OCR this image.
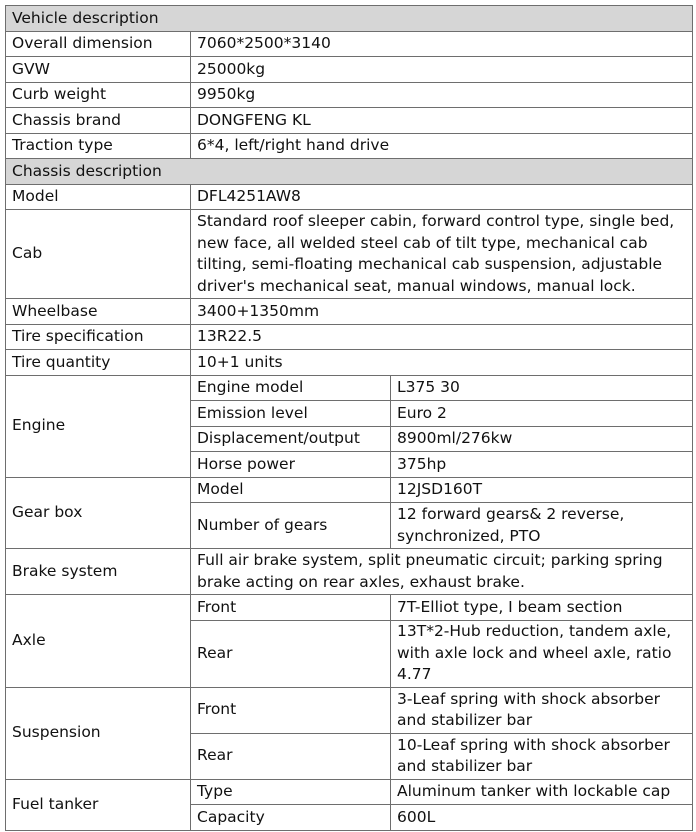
Vehicle description		
Overall dimension	7060*2500*3140	
GVW	25000kg	
Curb weight	9950kg	
Chassis brand	DONGFENG KL	
Traction type	6*4, left/right hand drive	
Chassis description		
Model	DFL4251AW8	
Cab	Standard roof sleeper cabin, forward control type, single bed, new face, all welded steel cab of tilt type, mechanical cab tilting, semi-floating mechanical cab suspension, adjustable driver's mechanical seat, manual windows, manual lock.	
Wheelbase	3400+1350mm	
Tire specification	13R22.5	
Tire quantity	10+1 units	
Engine	Engine model	L375 30
	Emission level	Euro 2
	Displacement/output	8900ml/276kw
	Horse power	375hp
Gear box	Model	12JSD160T
	Number of gears	12 forward gears& 2 reverse, synchronized, PTO
Brake system	Full air brake system, split pneumatic circuit; parking spring brake acting on rear axles, exhaust brake.	
Axle	Front	7T-Elliot type, I beam section
	Rear	13T*2-Hub reduction, tandem axle, with axle lock and wheel axle, ratio 4.77
Suspension	Front	3-Leaf spring with shock absorber and stabilizer bar
	Rear	10-Leaf spring with shock absorber and stabilizer bar
Fuel tanker	Type	Aluminum tanker with lockable cap
	Capacity	600L
